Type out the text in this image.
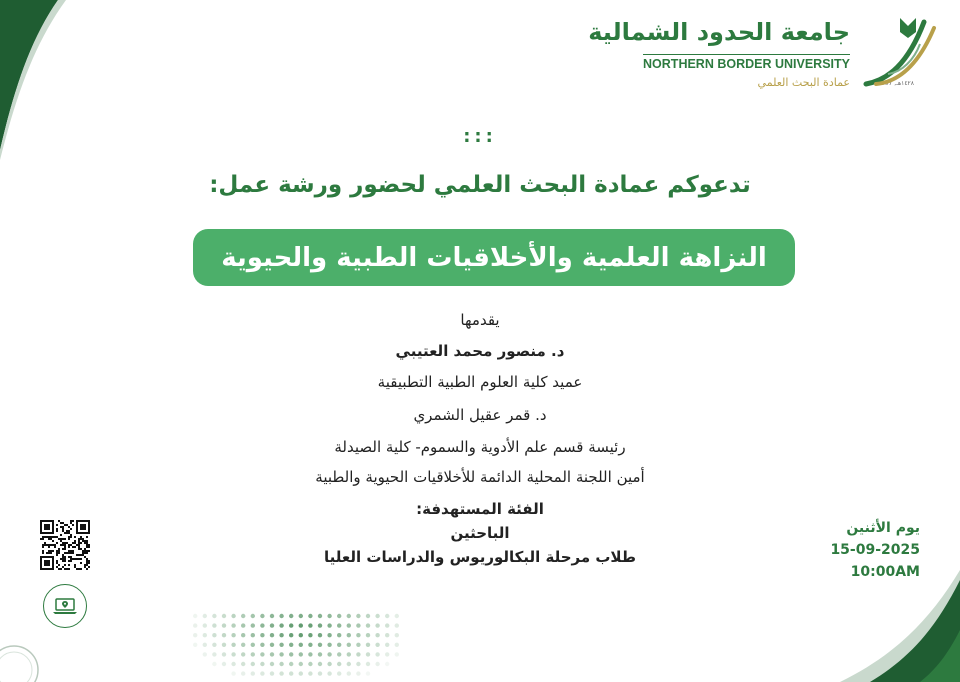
جامعة الحدود الشمالية
NORTHERN BORDER UNIVERSITY
عمادة البحث العلمي	2007 ,١٤٢٨هـ
:::
تدعوكم عمادة البحث العلمي لحضور ورشة عمل:
النزاهة العلمية والأخلاقيات الطبية والحيوية
يقدمها
د. منصور محمد العتيبي
عميد كلية العلوم الطبية التطبيقية
د. قمر عقيل الشمري
رئيسة قسم علم الأدوية والسموم- كلية الصيدلة
أمين اللجنة المحلية الدائمة للأخلاقيات الحيوية والطبية
الفئة المستهدفة:
الباحثين
طلاب مرحلة البكالوريوس والدراسات العليا
يوم الأثنين
15-09-2025
10:00AM
